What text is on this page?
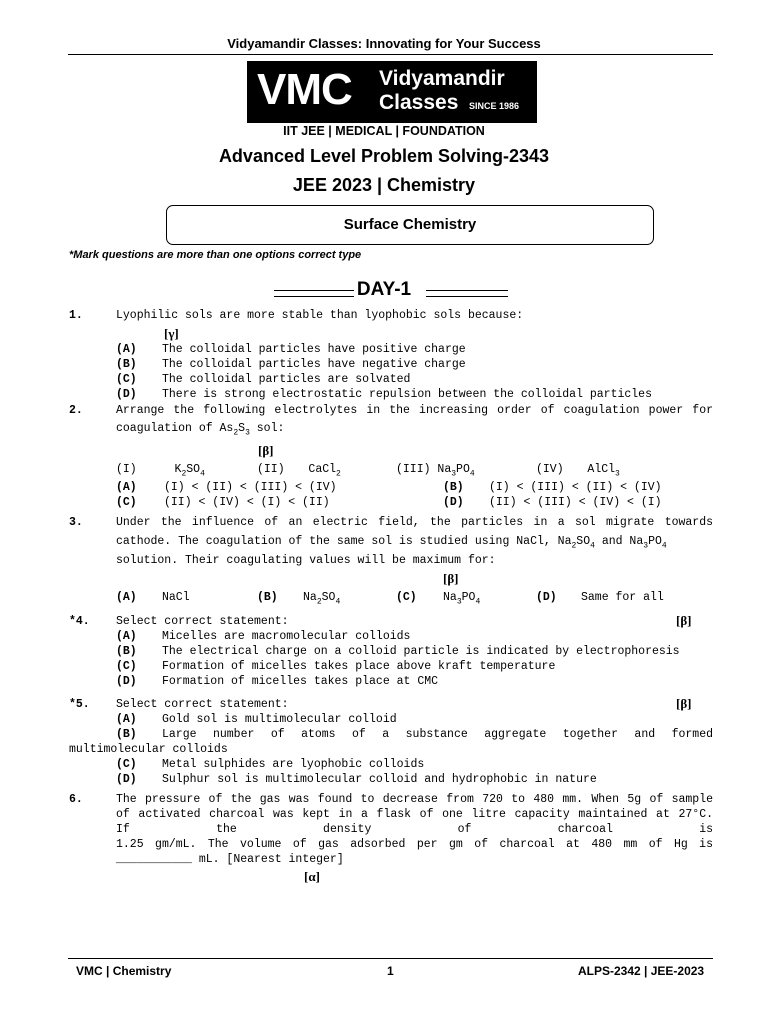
Vidyamandir Classes: Innovating for Your Success
VMC Vidyamandir
Classes SINCE 1986
IIT JEE | MEDICAL | FOUNDATION
Advanced Level Problem Solving-2343
JEE 2023 | Chemistry
Surface Chemistry
*Mark questions are more than one options correct type
DAY-1
1.	Lyophilic sols are more stable than lyophobic sols because:
[γ]
(A) The colloidal particles have positive charge
(B) The colloidal particles have negative charge
(C) The colloidal particles are solvated
(D) There is strong electrostatic repulsion between the colloidal particles
2.	Arrange the following electrolytes in the increasing order of coagulation power for
coagulation of $As_2S_3$ sol:
[β]
(I)	$K_2SO_4$	(II) CaCl$_2$	(III) $Na_3PO_4$	(IV) AlCl$_3$
(A) (I) < (II) < (III) < (IV)	(B) (I) < (III) < (II) < (IV)
(C) (II) < (IV) < (I) < (II)	(D) (II) < (III) < (IV) < (I)
3.	Under the influence of an electric field, the particles in a sol migrate towards
cathode. The coagulation of the same sol is studied using NaCl, $Na_2SO_4$ and $Na_3PO_4$
solution. Their coagulating values will be maximum for:
[β]
(A) NaCl	(B) $Na_2SO_4$	(C) $Na_3PO_4$	(D) Same for all
*4. Select correct statement:	[β]
(A) Micelles are macromolecular colloids
(B) The electrical charge on a colloid particle is indicated by electrophoresis
(C) Formation of micelles takes place above kraft temperature
(D) Formation of micelles takes place at CMC
*5. Select correct statement:	[β]
(A) Gold sol is multimolecular colloid
(B) Large number of atoms of a substance aggregate together and formed
multimolecular colloids
(C) Metal sulphides are lyophobic colloids
(D) Sulphur sol is multimolecular colloid and hydrophobic in nature
6.	The pressure of the gas was found to decrease from 720 to 480 mm. When 5g of sample
of activated charcoal was kept in a flask of one litre capacity maintained at 27°C.
If the density of charcoal is
1.25 gm/mL. The volume of gas adsorbed per gm of charcoal at 480 mm of Hg is
___________ mL. [Nearest integer]
[α]
VMC | Chemistry	1	ALPS-2342 | JEE-2023
